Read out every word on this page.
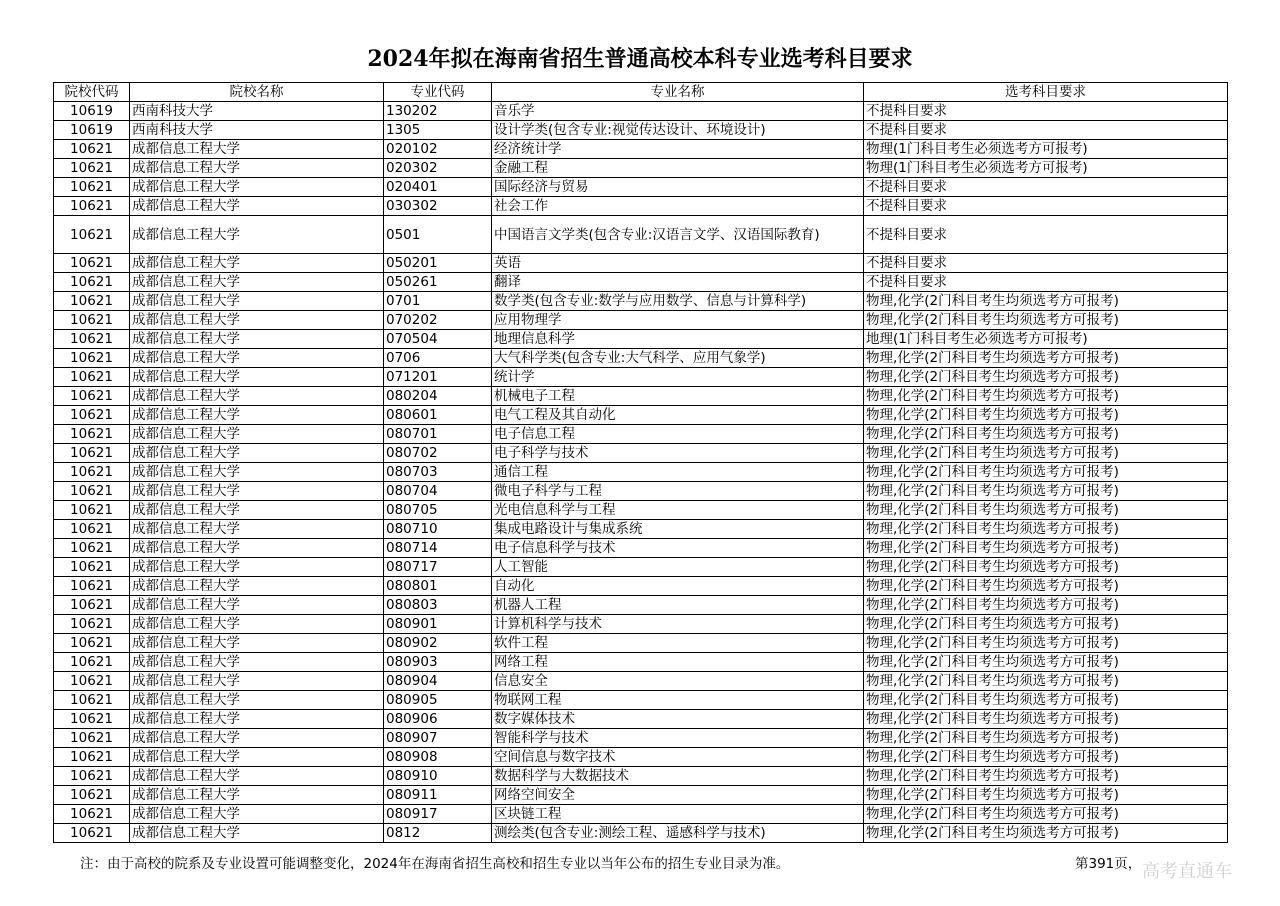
2024年拟在海南省招生普通高校本科专业选考科目要求
院校代码	院校名称	专业代码	专业名称	选考科目要求
10619	西南科技大学	130202	音乐学	不提科目要求
10619	西南科技大学	1305	设计学类(包含专业:视觉传达设计、环境设计)	不提科目要求
10621	成都信息工程大学	020102	经济统计学	物理(1门科目考生必须选考方可报考)
10621	成都信息工程大学	020302	金融工程	物理(1门科目考生必须选考方可报考)
10621	成都信息工程大学	020401	国际经济与贸易	不提科目要求
10621	成都信息工程大学	030302	社会工作	不提科目要求
10621	成都信息工程大学	0501	中国语言文学类(包含专业:汉语言文学、汉语国际教育)	不提科目要求
10621	成都信息工程大学	050201	英语	不提科目要求
10621	成都信息工程大学	050261	翻译	不提科目要求
10621	成都信息工程大学	0701	数学类(包含专业:数学与应用数学、信息与计算科学)	物理,化学(2门科目考生均须选考方可报考)
10621	成都信息工程大学	070202	应用物理学	物理,化学(2门科目考生均须选考方可报考)
10621	成都信息工程大学	070504	地理信息科学	地理(1门科目考生必须选考方可报考)
10621	成都信息工程大学	0706	大气科学类(包含专业:大气科学、应用气象学)	物理,化学(2门科目考生均须选考方可报考)
10621	成都信息工程大学	071201	统计学	物理,化学(2门科目考生均须选考方可报考)
10621	成都信息工程大学	080204	机械电子工程	物理,化学(2门科目考生均须选考方可报考)
10621	成都信息工程大学	080601	电气工程及其自动化	物理,化学(2门科目考生均须选考方可报考)
10621	成都信息工程大学	080701	电子信息工程	物理,化学(2门科目考生均须选考方可报考)
10621	成都信息工程大学	080702	电子科学与技术	物理,化学(2门科目考生均须选考方可报考)
10621	成都信息工程大学	080703	通信工程	物理,化学(2门科目考生均须选考方可报考)
10621	成都信息工程大学	080704	微电子科学与工程	物理,化学(2门科目考生均须选考方可报考)
10621	成都信息工程大学	080705	光电信息科学与工程	物理,化学(2门科目考生均须选考方可报考)
10621	成都信息工程大学	080710	集成电路设计与集成系统	物理,化学(2门科目考生均须选考方可报考)
10621	成都信息工程大学	080714	电子信息科学与技术	物理,化学(2门科目考生均须选考方可报考)
10621	成都信息工程大学	080717	人工智能	物理,化学(2门科目考生均须选考方可报考)
10621	成都信息工程大学	080801	自动化	物理,化学(2门科目考生均须选考方可报考)
10621	成都信息工程大学	080803	机器人工程	物理,化学(2门科目考生均须选考方可报考)
10621	成都信息工程大学	080901	计算机科学与技术	物理,化学(2门科目考生均须选考方可报考)
10621	成都信息工程大学	080902	软件工程	物理,化学(2门科目考生均须选考方可报考)
10621	成都信息工程大学	080903	网络工程	物理,化学(2门科目考生均须选考方可报考)
10621	成都信息工程大学	080904	信息安全	物理,化学(2门科目考生均须选考方可报考)
10621	成都信息工程大学	080905	物联网工程	物理,化学(2门科目考生均须选考方可报考)
10621	成都信息工程大学	080906	数字媒体技术	物理,化学(2门科目考生均须选考方可报考)
10621	成都信息工程大学	080907	智能科学与技术	物理,化学(2门科目考生均须选考方可报考)
10621	成都信息工程大学	080908	空间信息与数字技术	物理,化学(2门科目考生均须选考方可报考)
10621	成都信息工程大学	080910	数据科学与大数据技术	物理,化学(2门科目考生均须选考方可报考)
10621	成都信息工程大学	080911	网络空间安全	物理,化学(2门科目考生均须选考方可报考)
10621	成都信息工程大学	080917	区块链工程	物理,化学(2门科目考生均须选考方可报考)
10621	成都信息工程大学	0812	测绘类(包含专业:测绘工程、遥感科学与技术)	物理,化学(2门科目考生均须选考方可报考)
注：由于高校的院系及专业设置可能调整变化，2024年在海南省招生高校和招生专业以当年公布的招生专业目录为准。	第391页， 高考直通车
